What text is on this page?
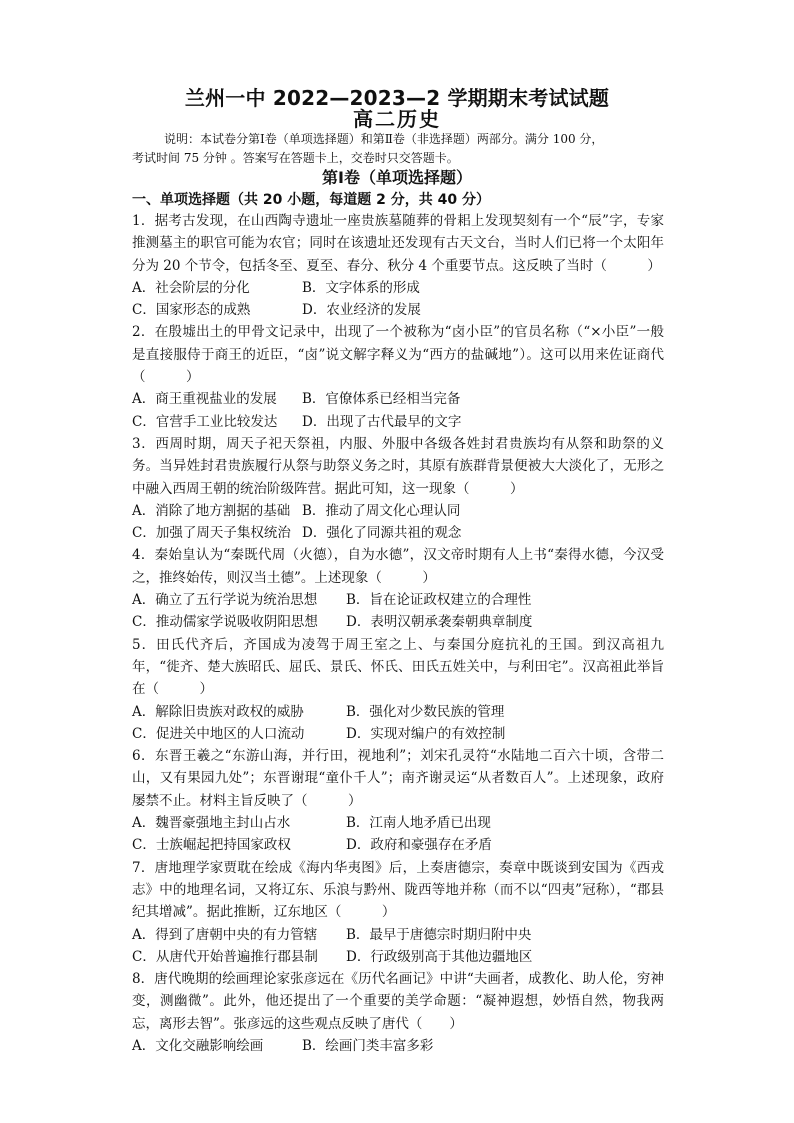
兰州一中 2022—2023—2 学期期末考试试题
高二历史

说明：本试卷分第Ⅰ卷（单项选择题）和第Ⅱ卷（非选择题）两部分。满分 100 分，

考试时间 75 分钟 。答案写在答题卡上，交卷时只交答题卡。
第Ⅰ卷（单项选择题）
一、单项选择题（共 20 小题，每道题 2 分，共 40 分）

1．据考古发现，在山西陶寺遗址一座贵族墓随葬的骨耜上发现契刻有一个“辰”字，专家推测墓主的职官可能为农官；同时在该遗址还发现有古天文台，当时人们已将一个太阳年分为 20 个节令，包括冬至、夏至、春分、秋分 4 个重要节点。这反映了当时（　　　）

A．社会阶层的分化	B．文字体系的形成
C．国家形态的成熟	D．农业经济的发展

2．在殷墟出土的甲骨文记录中，出现了一个被称为“卤小臣”的官员名称（“×小臣”一般是直接服侍于商王的近臣，“卤”说文解字释义为“西方的盐碱地”）。这可以用来佐证商代（　　　）

A．商王重视盐业的发展	B．官僚体系已经相当完备
C．官营手工业比较发达	D．出现了古代最早的文字

3．西周时期，周天子祀天祭祖，内服、外服中各级各姓封君贵族均有从祭和助祭的义务。当异姓封君贵族履行从祭与助祭义务之时，其原有族群背景便被大大淡化了，无形之中融入西周王朝的统治阶级阵营。据此可知，这一现象（　　　）

A．消除了地方割据的基础 B．推动了周文化心理认同
C．加强了周天子集权统治 D．强化了同源共祖的观念

4．秦始皇认为“秦既代周（火德），自为水德”，汉文帝时期有人上书“秦得水德，今汉受之，推终始传，则汉当土德”。上述现象（　　　）

A．确立了五行学说为统治思想	B．旨在论证政权建立的合理性
C．推动儒家学说吸收阴阳思想	D．表明汉朝承袭秦朝典章制度

5．田氏代齐后，齐国成为凌驾于周王室之上、与秦国分庭抗礼的王国。到汉高祖九年，“徙齐、楚大族昭氏、屈氏、景氏、怀氏、田氏五姓关中，与利田宅”。汉高祖此举旨在（　　　）

A．解除旧贵族对政权的威胁	B．强化对少数民族的管理
C．促进关中地区的人口流动	D．实现对编户的有效控制

6．东晋王羲之“东游山海，并行田，视地利”；刘宋孔灵符“水陆地二百六十顷，含带二山，又有果园九处”；东晋谢琨“童仆千人”；南齐谢灵运“从者数百人”。上述现象，政府屡禁不止。材料主旨反映了（　　　）

A．魏晋豪强地主封山占水	B．江南人地矛盾已出现
C．士族崛起把持国家政权	D．政府和豪强存在矛盾

7．唐地理学家贾耽在绘成《海内华夷图》后，上奏唐德宗，奏章中既谈到安国为《西戎志》中的地理名词，又将辽东、乐浪与黔州、陇西等地并称（而不以“四夷”冠称），“郡县纪其增减”。据此推断，辽东地区（　　　）

A．得到了唐朝中央的有力管辖	B．最早于唐德宗时期归附中央
C．从唐代开始普遍推行郡县制	D．行政级别高于其他边疆地区

8．唐代晚期的绘画理论家张彦远在《历代名画记》中讲“夫画者，成教化、助人伦，穷神变，测幽微”。此外，他还提出了一个重要的美学命题：“凝神遐想，妙悟自然，物我两忘，离形去智”。张彦远的这些观点反映了唐代（　　）

A．文化交融影响绘画	B．绘画门类丰富多彩
